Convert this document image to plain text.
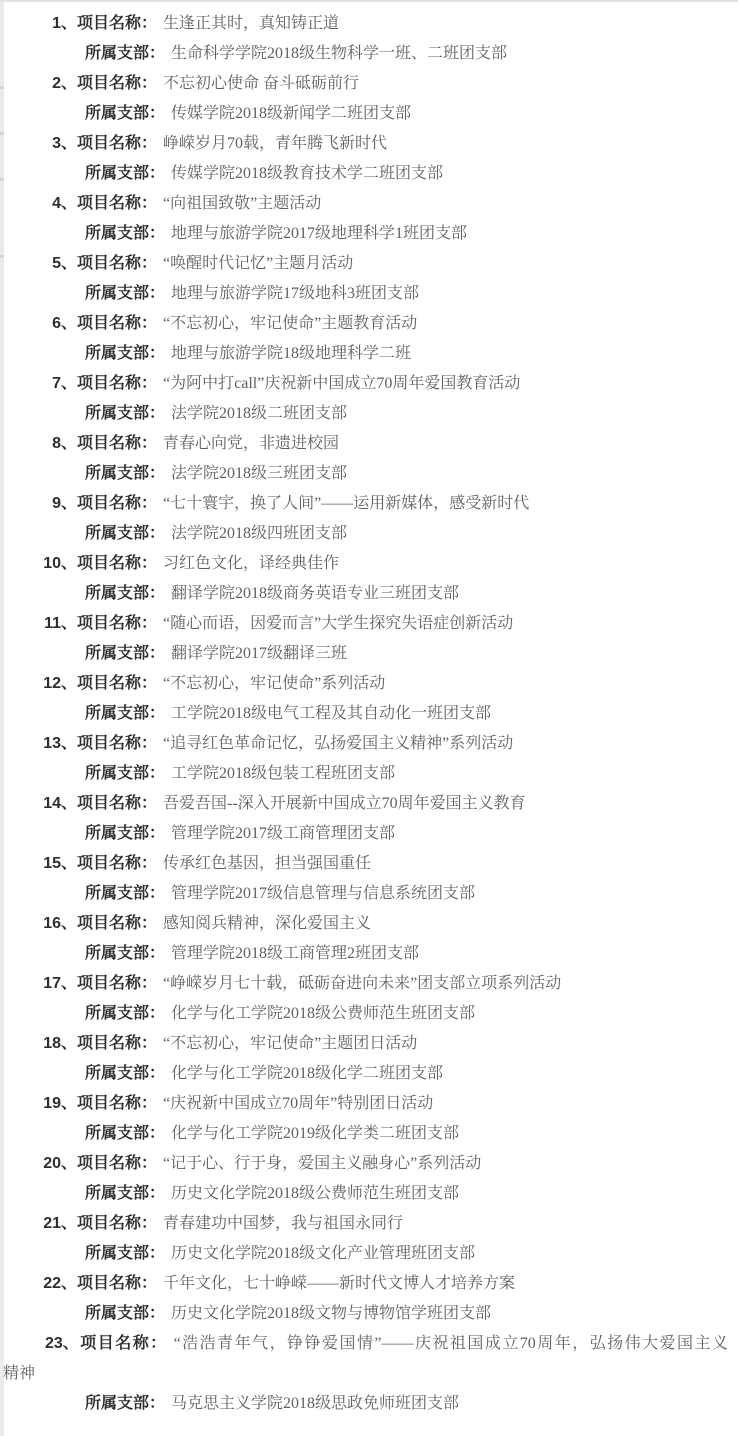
1、项目名称： 生逢正其时，真知铸正道
所属支部： 生命科学学院2018级生物科学一班、二班团支部
2、项目名称： 不忘初心使命 奋斗砥砺前行
所属支部： 传媒学院2018级新闻学二班团支部
3、项目名称： 峥嵘岁月70载，青年腾飞新时代
所属支部： 传媒学院2018级教育技术学二班团支部
4、项目名称： “向祖国致敬”主题活动
所属支部： 地理与旅游学院2017级地理科学1班团支部
5、项目名称： “唤醒时代记忆”主题月活动
所属支部： 地理与旅游学院17级地科3班团支部
6、项目名称： “不忘初心，牢记使命”主题教育活动
所属支部： 地理与旅游学院18级地理科学二班
7、项目名称： “为阿中打call”庆祝新中国成立70周年爱国教育活动
所属支部： 法学院2018级二班团支部
8、项目名称： 青春心向党，非遗进校园
所属支部： 法学院2018级三班团支部
9、项目名称： “七十寰宇，换了人间”——运用新媒体，感受新时代
所属支部： 法学院2018级四班团支部
10、项目名称： 习红色文化，译经典佳作
所属支部： 翻译学院2018级商务英语专业三班团支部
11、项目名称： “随心而语，因爱而言”大学生探究失语症创新活动
所属支部： 翻译学院2017级翻译三班
12、项目名称： “不忘初心，牢记使命”系列活动
所属支部： 工学院2018级电气工程及其自动化一班团支部
13、项目名称： “追寻红色革命记忆，弘扬爱国主义精神”系列活动
所属支部： 工学院2018级包装工程班团支部
14、项目名称： 吾爱吾国--深入开展新中国成立70周年爱国主义教育
所属支部： 管理学院2017级工商管理团支部
15、项目名称： 传承红色基因，担当强国重任
所属支部： 管理学院2017级信息管理与信息系统团支部
16、项目名称： 感知阅兵精神，深化爱国主义
所属支部： 管理学院2018级工商管理2班团支部
17、项目名称： “峥嵘岁月七十载，砥砺奋进向未来”团支部立项系列活动
所属支部： 化学与化工学院2018级公费师范生班团支部
18、项目名称： “不忘初心，牢记使命”主题团日活动
所属支部： 化学与化工学院2018级化学二班团支部
19、项目名称： “庆祝新中国成立70周年”特别团日活动
所属支部： 化学与化工学院2019级化学类二班团支部
20、项目名称： “记于心、行于身，爱国主义融身心”系列活动
所属支部： 历史文化学院2018级公费师范生班团支部
21、项目名称： 青春建功中国梦，我与祖国永同行
所属支部： 历史文化学院2018级文化产业管理班团支部
22、项目名称： 千年文化，七十峥嵘——新时代文博人才培养方案
所属支部： 历史文化学院2018级文物与博物馆学班团支部
23、项目名称： “浩浩青年气，铮铮爱国情”——庆祝祖国成立70周年，弘扬伟大爱国主义
精神
所属支部： 马克思主义学院2018级思政免师班团支部
